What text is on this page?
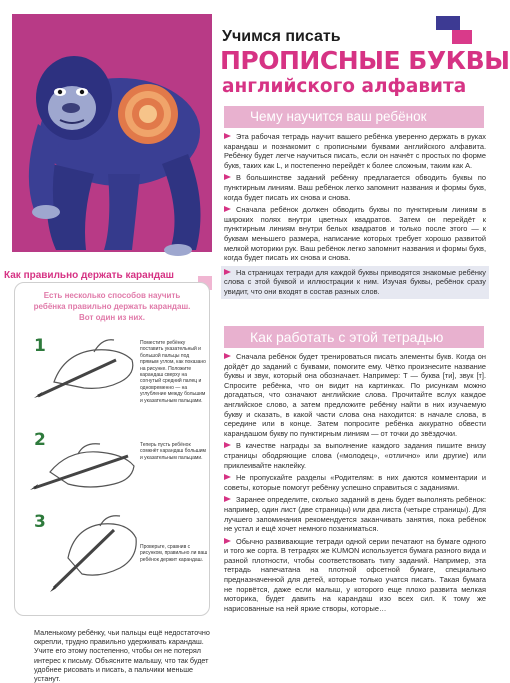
Учимся писать
ПРОПИСНЫЕ БУКВЫ
английского алфавита
Чему научится ваш ребёнок

Эта рабочая тетрадь научит вашего ребёнка уверенно держать в руках карандаш и познакомит с прописными буквами английского алфавита. Ребёнку будет легче научиться писать, если он начнёт с простых по форме букв, таких как L, и постепенно перейдёт к более сложным, таким как A.

В большинстве заданий ребёнку предлагается обводить буквы по пунктирным линиям. Ваш ребёнок легко запомнит названия и формы букв, когда будет писать их снова и снова.

Сначала ребёнок должен обводить буквы по пунктирным линиям в широких полях внутри цветных квадратов. Затем он перейдёт к пунктирным линиям внутри белых квадратов и только после этого — к буквам меньшего размера, написание которых требует хорошо развитой мелкой моторики рук. Ваш ребёнок легко запомнит названия и формы букв, когда будет писать их снова и снова.

На страницах тетради для каждой буквы приводятся знакомые ребёнку слова с этой буквой и иллюстрации к ним. Изучая буквы, ребёнок сразу увидит, что они входят в состав разных слов.

Как работать с этой тетрадью

Сначала ребёнок будет тренироваться писать элементы букв. Когда он дойдёт до заданий с буквами, помогите ему. Чётко произнесите название буквы и звук, который она обозначает. Например: T — буква [ти], звук [т]. Спросите ребёнка, что он видит на картинках. По рисункам можно догадаться, что означают английские слова. Прочитайте вслух каждое английское слово, а затем предложите ребёнку найти в них изучаемую букву и сказать, в какой части слова она находится: в начале слова, в середине или в конце. Затем попросите ребёнка аккуратно обвести карандашом букву по пунктирным линиям — от точки до звёздочки.

В качестве награды за выполнение каждого задания пишите внизу страницы ободряющие слова («молодец», «отлично» или другие) или приклеивайте наклейку.

Не пропускайте разделы «Родителям: в них даются комментарии и советы, которые помогут ребёнку успешно справиться с заданиями.

Заранее определите, сколько заданий в день будет выполнять ребёнок: например, один лист (две страницы) или два листа (четыре страницы). Для лучшего запоминания рекомендуется заканчивать занятия, пока ребёнок не устал и ещё хочет немного позаниматься.

Обычно развивающие тетради одной серии печатают на бумаге одного и того же сорта. В тетрадях же KUMON используется бумага разного вида и разной плотности, чтобы соответствовать типу заданий. Например, эта тетрадь напечатана на плотной офсетной бумаге, специально предназначенной для детей, которые только учатся писать. Такая бумага не порвётся, даже если малыш, у которого еще плохо развита мелкая моторика, будет давить на карандаш изо всех сил. К тому же нарисованные на ней яркие створы, которые…

Как правильно держать карандаш
Есть несколько способов научить ребёнка правильно держать карандаш. Вот один из них.
1	Поместите ребёнку поставить указательный и большой пальцы под прямым углом, как показано на рисунке. Положите карандаш сверху на согнутый средний палец и одновременно — на углубление между большим и указательным пальцами.
2	Теперь пусть ребёнок сомкнёт карандаш большим и указательным пальцами.
3
Проверьте, сравнив с рисунком, правильно ли ваш ребёнок держит карандаш.
Маленькому ребёнку, чьи пальцы ещё недостаточно окрепли, трудно правильно удерживать карандаш. Учите его этому постепенно, чтобы он не потерял интерес к письму. Объясните малышу, что так будет удобнее рисовать и писать, а пальчики меньше устанут.
